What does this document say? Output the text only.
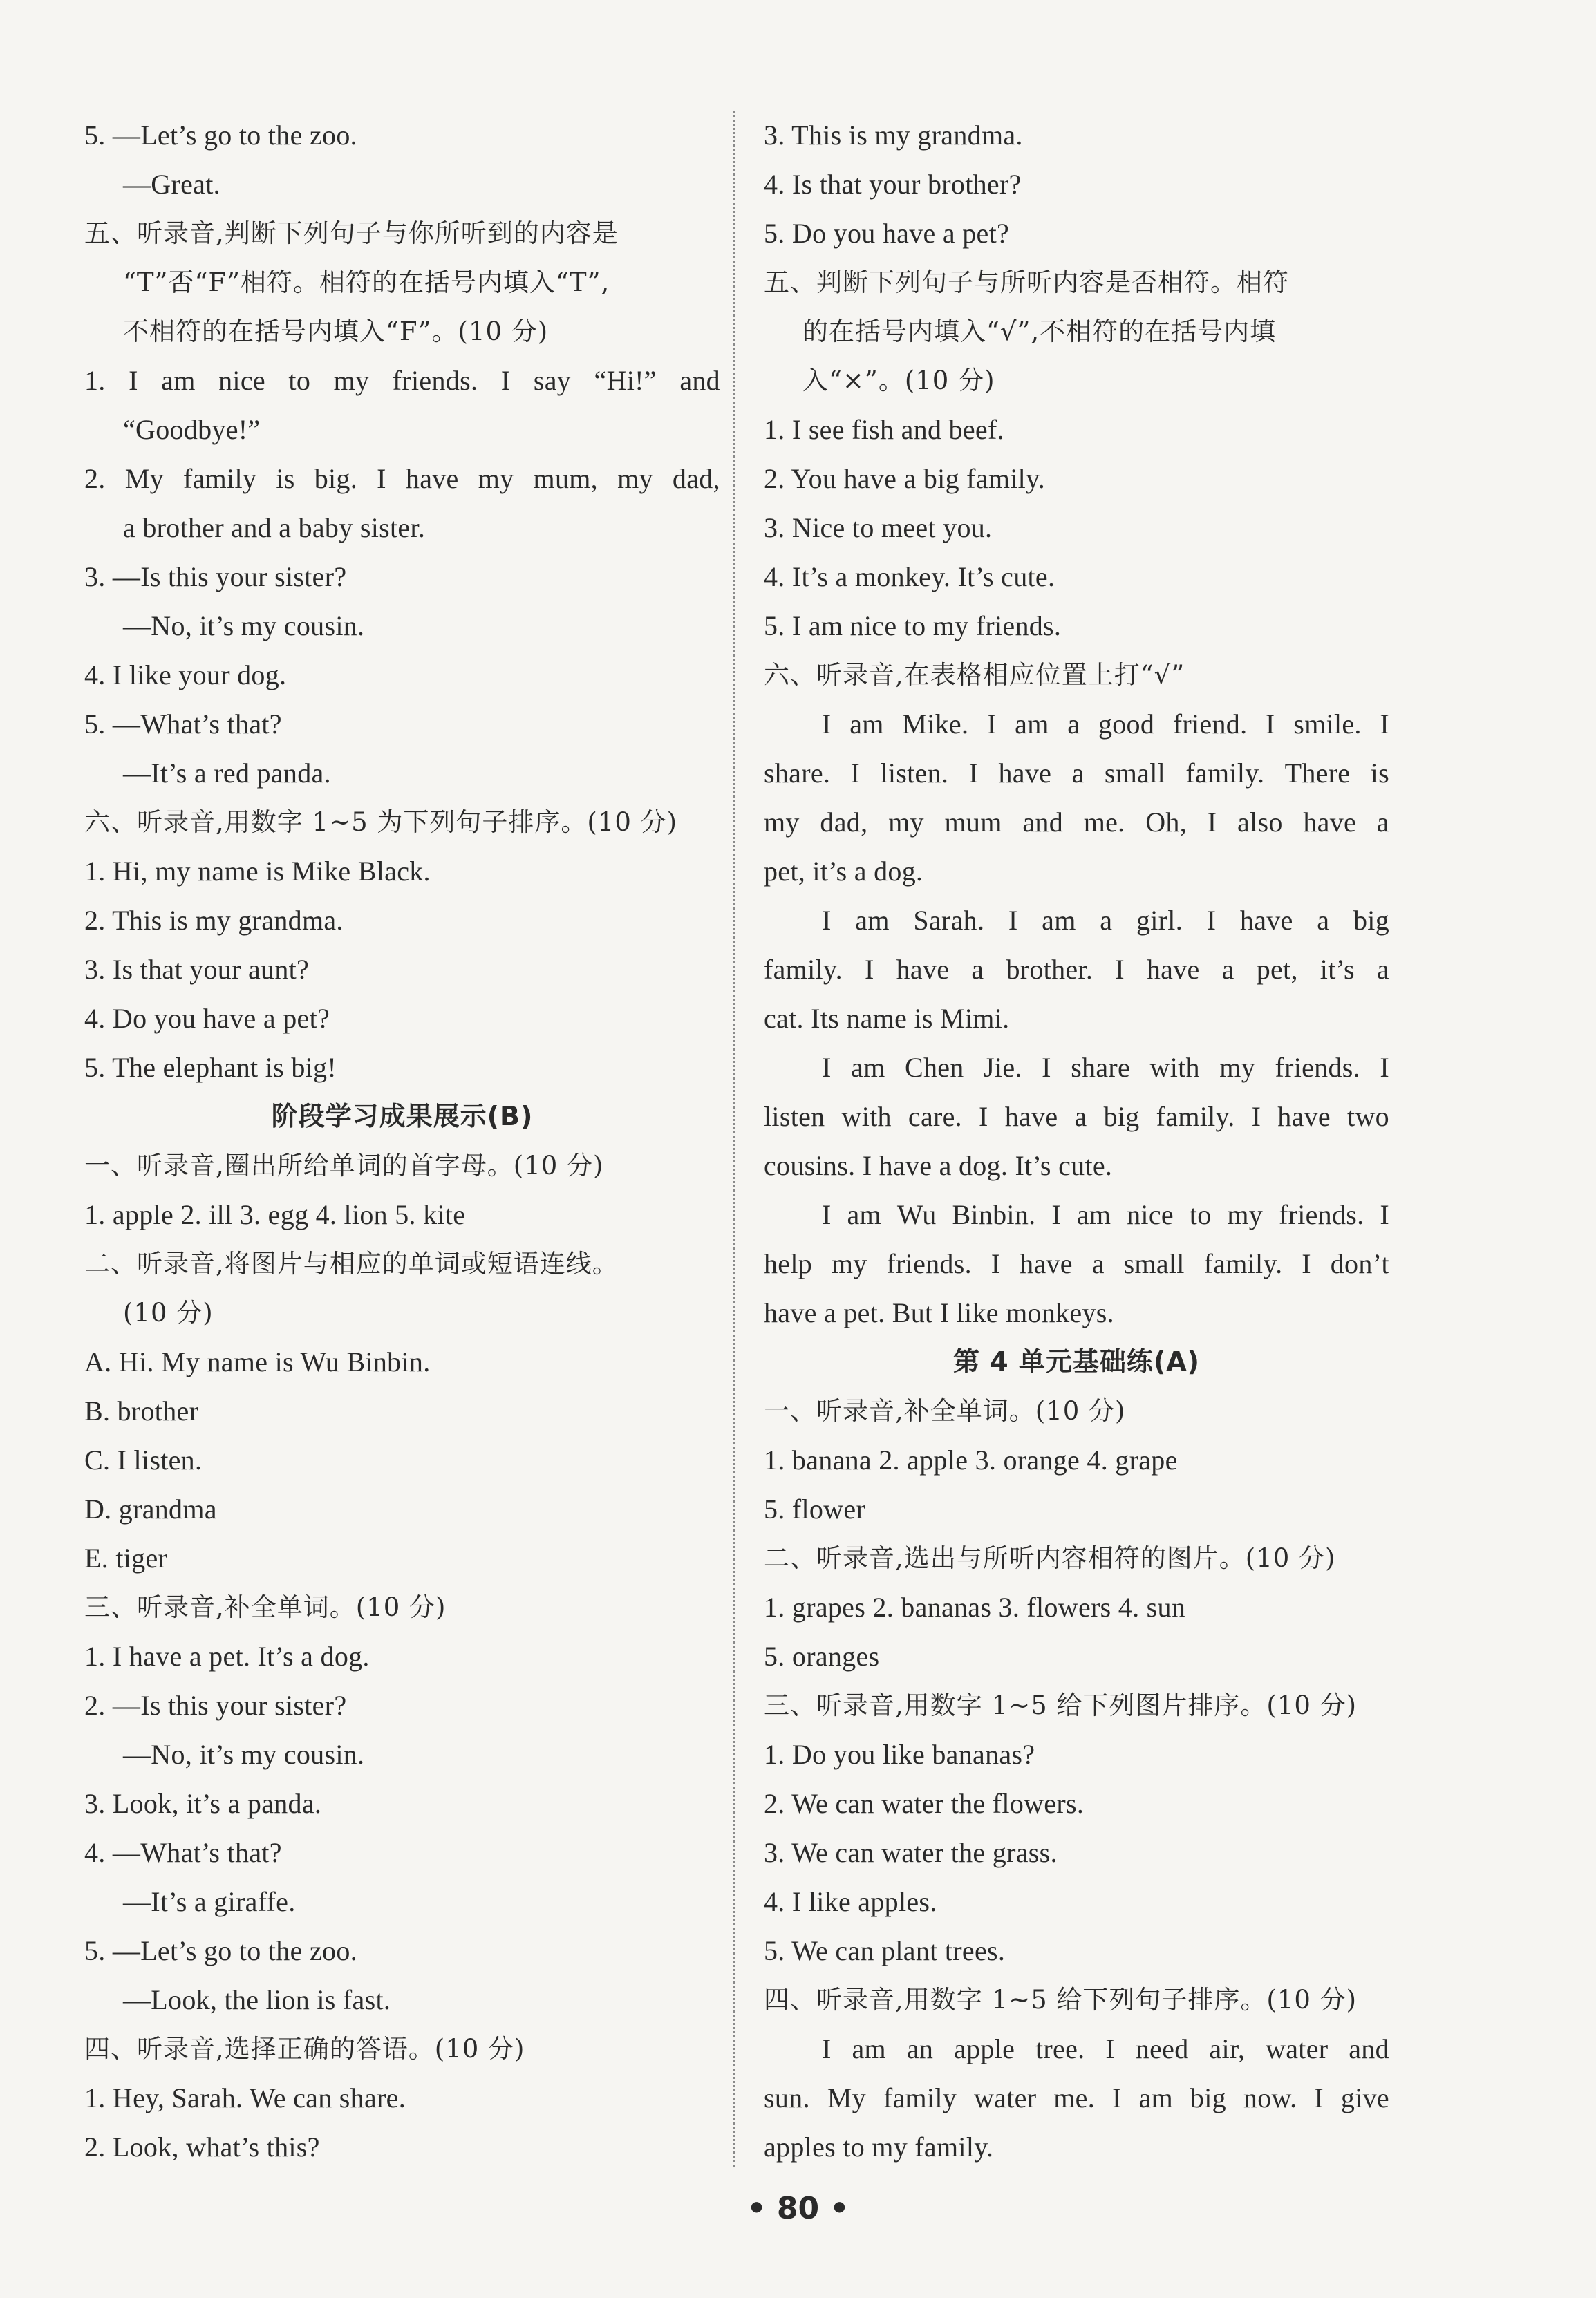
5. —Let’s go to the zoo.
—Great.
五、听录音,判断下列句子与你所听到的内容是
“T”否“F”相符。相符的在括号内填入“T”,
不相符的在括号内填入“F”。(10 分)
1. I am nice to my friends. I say “Hi!” and
“Goodbye!”
2. My family is big. I have my mum, my dad,
a brother and a baby sister.
3. —Is this your sister?
—No, it’s my cousin.
4. I like your dog.
5. —What’s that?
—It’s a red panda.
六、听录音,用数字 1~5 为下列句子排序。(10 分)
1. Hi, my name is Mike Black.
2. This is my grandma.
3. Is that your aunt?
4. Do you have a pet?
5. The elephant is big!
阶段学习成果展示(B)
一、听录音,圈出所给单词的首字母。(10 分)
1. apple 2. ill 3. egg 4. lion 5. kite
二、听录音,将图片与相应的单词或短语连线。
(10 分)
A. Hi. My name is Wu Binbin.
B. brother
C. I listen.
D. grandma
E. tiger
三、听录音,补全单词。(10 分)
1. I have a pet. It’s a dog.
2. —Is this your sister?
—No, it’s my cousin.
3. Look, it’s a panda.
4. —What’s that?
—It’s a giraffe.
5. —Let’s go to the zoo.
—Look, the lion is fast.
四、听录音,选择正确的答语。(10 分)
1. Hey, Sarah. We can share.
2. Look, what’s this?
3. This is my grandma.
4. Is that your brother?
5. Do you have a pet?
五、判断下列句子与所听内容是否相符。相符
的在括号内填入“√”,不相符的在括号内填
入“×”。(10 分)
1. I see fish and beef.
2. You have a big family.
3. Nice to meet you.
4. It’s a monkey. It’s cute.
5. I am nice to my friends.
六、听录音,在表格相应位置上打“√”
I am Mike. I am a good friend. I smile. I
share. I listen. I have a small family. There is
my dad, my mum and me. Oh, I also have a
pet, it’s a dog.
I am Sarah. I am a girl. I have a big
family. I have a brother. I have a pet, it’s a
cat. Its name is Mimi.
I am Chen Jie. I share with my friends. I
listen with care. I have a big family. I have two
cousins. I have a dog. It’s cute.
I am Wu Binbin. I am nice to my friends. I
help my friends. I have a small family. I don’t
have a pet. But I like monkeys.
第 4 单元基础练(A)
一、听录音,补全单词。(10 分)
1. banana 2. apple 3. orange 4. grape
5. flower
二、听录音,选出与所听内容相符的图片。(10 分)
1. grapes 2. bananas 3. flowers 4. sun
5. oranges
三、听录音,用数字 1~5 给下列图片排序。(10 分)
1. Do you like bananas?
2. We can water the flowers.
3. We can water the grass.
4. I like apples.
5. We can plant trees.
四、听录音,用数字 1~5 给下列句子排序。(10 分)
I am an apple tree. I need air, water and
sun. My family water me. I am big now. I give
apples to my family.
• 80 •
